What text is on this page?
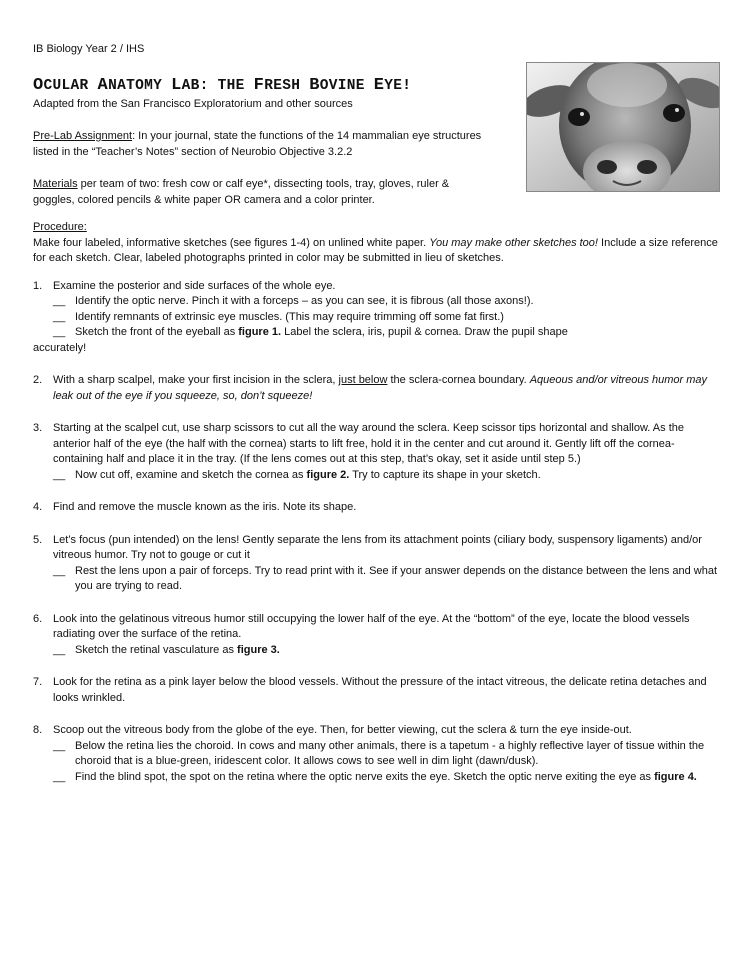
IB Biology Year 2 / IHS
OCULAR ANATOMY LAB: THE FRESH BOVINE EYE!
Adapted from the San Francisco Exploratorium and other sources
Pre-Lab Assignment: In your journal, state the functions of the 14 mammalian eye structures listed in the “Teacher’s Notes” section of Neurobio Objective 3.2.2
Materials per team of two: fresh cow or calf eye*, dissecting tools, tray, gloves, ruler & goggles, colored pencils & white paper OR camera and a color printer.
Procedure:
Make four labeled, informative sketches (see figures 1-4) on unlined white paper. You may make other sketches too! Include a size reference for each sketch. Clear, labeled photographs printed in color may be submitted in lieu of sketches.
1. Examine the posterior and side surfaces of the whole eye.
__ Identify the optic nerve. Pinch it with a forceps – as you can see, it is fibrous (all those axons!).
__ Identify remnants of extrinsic eye muscles. (This may require trimming off some fat first.)
__ Sketch the front of the eyeball as figure 1. Label the sclera, iris, pupil & cornea. Draw the pupil shape
accurately!
2. With a sharp scalpel, make your first incision in the sclera, just below the sclera-cornea boundary. Aqueous and/or vitreous humor may leak out of the eye if you squeeze, so, don’t squeeze!
3. Starting at the scalpel cut, use sharp scissors to cut all the way around the sclera. Keep scissor tips horizontal and shallow. As the anterior half of the eye (the half with the cornea) starts to lift free, hold it in the center and cut around it. Gently lift off the cornea-containing half and place it in the tray. (If the lens comes out at this step, that’s okay, set it aside until step 5.)
__ Now cut off, examine and sketch the cornea as figure 2. Try to capture its shape in your sketch.
4. Find and remove the muscle known as the iris. Note its shape.
5. Let’s focus (pun intended) on the lens! Gently separate the lens from its attachment points (ciliary body, suspensory ligaments) and/or vitreous humor. Try not to gouge or cut it
__ Rest the lens upon a pair of forceps. Try to read print with it. See if your answer depends on the distance between the lens and what you are trying to read.
6. Look into the gelatinous vitreous humor still occupying the lower half of the eye. At the “bottom” of the eye, locate the blood vessels radiating over the surface of the retina.
__ Sketch the retinal vasculature as figure 3.
7. Look for the retina as a pink layer below the blood vessels. Without the pressure of the intact vitreous, the delicate retina detaches and looks wrinkled.
8. Scoop out the vitreous body from the globe of the eye. Then, for better viewing, cut the sclera & turn the eye inside-out.
__ Below the retina lies the choroid. In cows and many other animals, there is a tapetum - a highly reflective layer of tissue within the choroid that is a blue-green, iridescent color. It allows cows to see well in dim light (dawn/dusk).
__ Find the blind spot, the spot on the retina where the optic nerve exits the eye. Sketch the optic nerve exiting the eye as figure 4.
